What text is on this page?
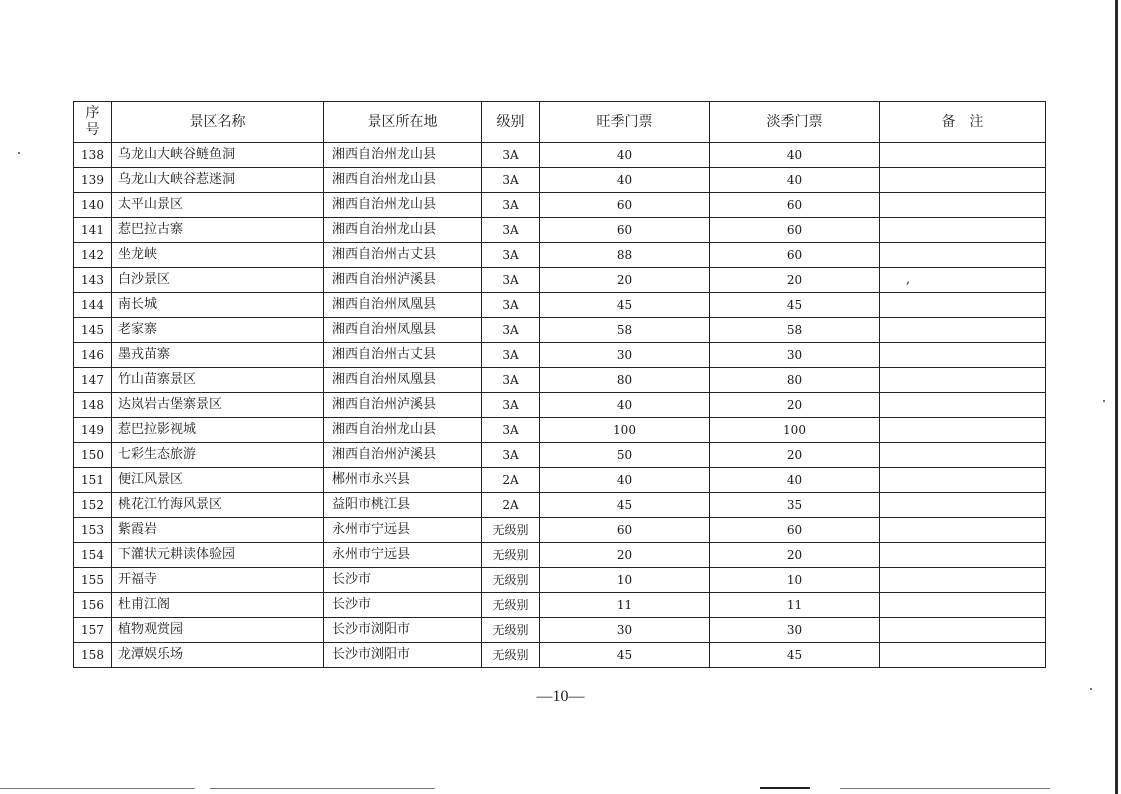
序号	景区名称	景区所在地	级别	旺季门票	淡季门票	备　注
138	乌龙山大峡谷鲢鱼洞	湘西自治州龙山县	3A	40	40	
139	乌龙山大峡谷惹迷洞	湘西自治州龙山县	3A	40	40	
140	太平山景区	湘西自治州龙山县	3A	60	60	
141	惹巴拉古寨	湘西自治州龙山县	3A	60	60	
142	坐龙峡	湘西自治州古丈县	3A	88	60	
143	白沙景区	湘西自治州泸溪县	3A	20	20	,
144	南长城	湘西自治州凤凰县	3A	45	45	
145	老家寨	湘西自治州凤凰县	3A	58	58	
146	墨戎苗寨	湘西自治州古丈县	3A	30	30	
147	竹山苗寨景区	湘西自治州凤凰县	3A	80	80	
148	达岚岩古堡寨景区	湘西自治州泸溪县	3A	40	20	
149	惹巴拉影视城	湘西自治州龙山县	3A	100	100	
150	七彩生态旅游	湘西自治州泸溪县	3A	50	20	
151	便江风景区	郴州市永兴县	2A	40	40	
152	桃花江竹海风景区	益阳市桃江县	2A	45	35	
153	紫霞岩	永州市宁远县	无级别	60	60	
154	下灌状元耕读体验园	永州市宁远县	无级别	20	20	
155	开福寺	长沙市	无级别	10	10	
156	杜甫江阁	长沙市	无级别	11	11	
157	植物观赏园	长沙市浏阳市	无级别	30	30	
158	龙潭娱乐场	长沙市浏阳市	无级别	45	45	
—10—
